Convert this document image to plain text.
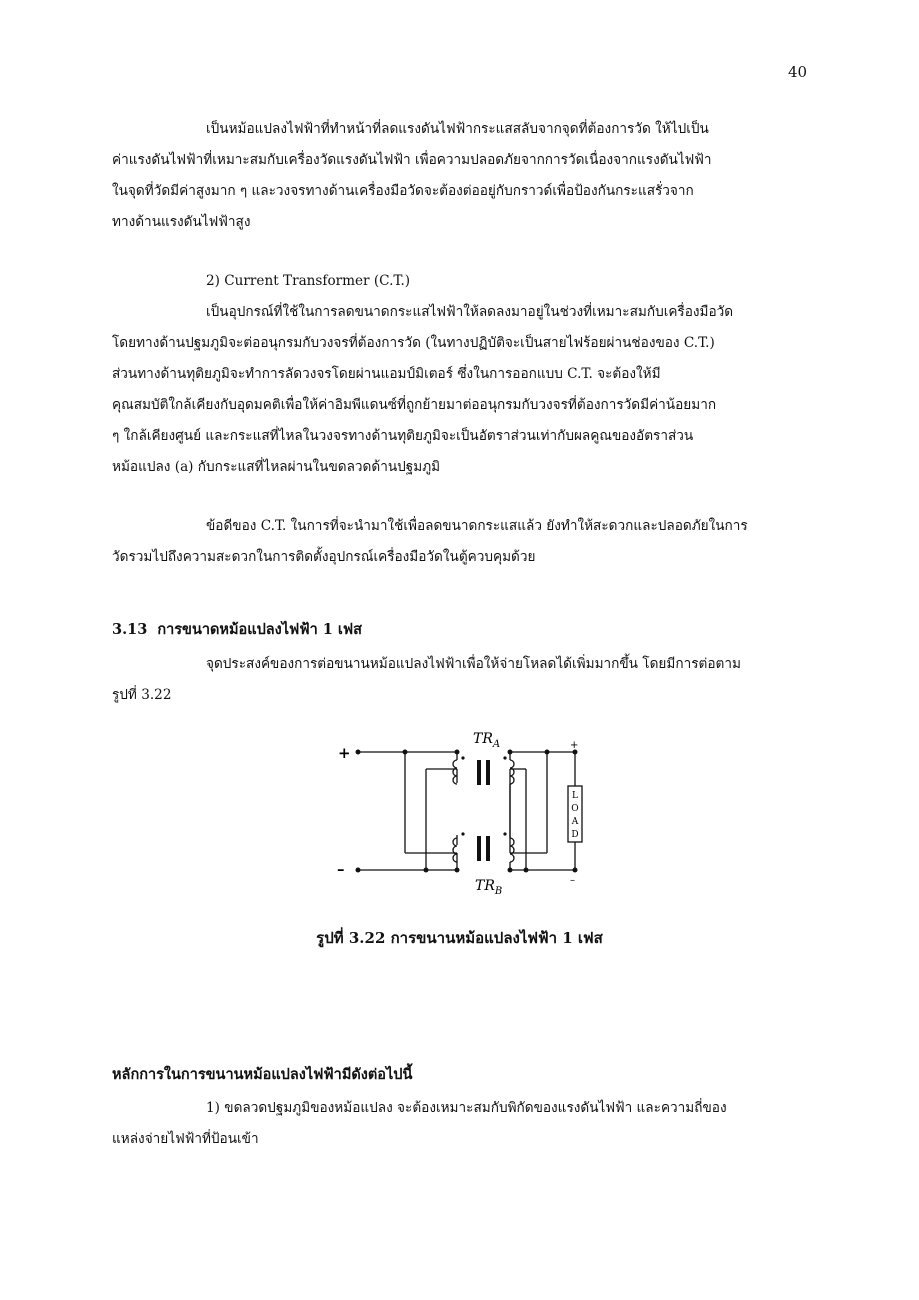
40

เป็นหม้อแปลงไฟฟ้าที่ทำหน้าที่ลดแรงดันไฟฟ้ากระแสสลับจากจุดที่ต้องการวัด ให้ไปเป็น
ค่าแรงดันไฟฟ้าที่เหมาะสมกับเครื่องวัดแรงดันไฟฟ้า เพื่อความปลอดภัยจากการวัดเนื่องจากแรงดันไฟฟ้า
ในจุดที่วัดมีค่าสูงมาก ๆ และวงจรทางด้านเครื่องมือวัดจะต้องต่ออยู่กับกราวด์เพื่อป้องกันกระแสรั่วจาก
ทางด้านแรงดันไฟฟ้าสูง

2) Current Transformer (C.T.)

เป็นอุปกรณ์ที่ใช้ในการลดขนาดกระแสไฟฟ้าให้ลดลงมาอยู่ในช่วงที่เหมาะสมกับเครื่องมือวัด
โดยทางด้านปฐมภูมิจะต่ออนุกรมกับวงจรที่ต้องการวัด (ในทางปฏิบัติจะเป็นสายไฟร้อยผ่านช่องของ C.T.)
ส่วนทางด้านทุติยภูมิจะทำการลัดวงจรโดยผ่านแอมป์มิเตอร์ ซึ่งในการออกแบบ C.T. จะต้องให้มี
คุณสมบัติใกล้เคียงกับอุดมคติเพื่อให้ค่าอิมพีแดนซ์ที่ถูกย้ายมาต่ออนุกรมกับวงจรที่ต้องการวัดมีค่าน้อยมาก
ๆ ใกล้เคียงศูนย์ และกระแสที่ไหลในวงจรทางด้านทุติยภูมิจะเป็นอัตราส่วนเท่ากับผลคูณของอัตราส่วน
หม้อแปลง (a) กับกระแสที่ไหลผ่านในขดลวดด้านปฐมภูมิ

ข้อดีของ C.T. ในการที่จะนำมาใช้เพื่อลดขนาดกระแสแล้ว ยังทำให้สะดวกและปลอดภัยในการ
วัดรวมไปถึงความสะดวกในการติดตั้งอุปกรณ์เครื่องมือวัดในตู้ควบคุมด้วย

3.13 การขนาดหม้อแปลงไฟฟ้า 1 เฟส

จุดประสงค์ของการต่อขนานหม้อแปลงไฟฟ้าเพื่อให้จ่ายโหลดได้เพิ่มมากขึ้น โดยมีการต่อตาม
รูปที่ 3.22

+
–
+
–
$TR_A$
$TR_B$
L
O
A
D

รูปที่ 3.22 การขนานหม้อแปลงไฟฟ้า 1 เฟส

หลักการในการขนานหม้อแปลงไฟฟ้ามีดังต่อไปนี้

1) ขดลวดปฐมภูมิของหม้อแปลง จะต้องเหมาะสมกับพิกัดของแรงดันไฟฟ้า และความถี่ของ
แหล่งจ่ายไฟฟ้าที่ป้อนเข้า
